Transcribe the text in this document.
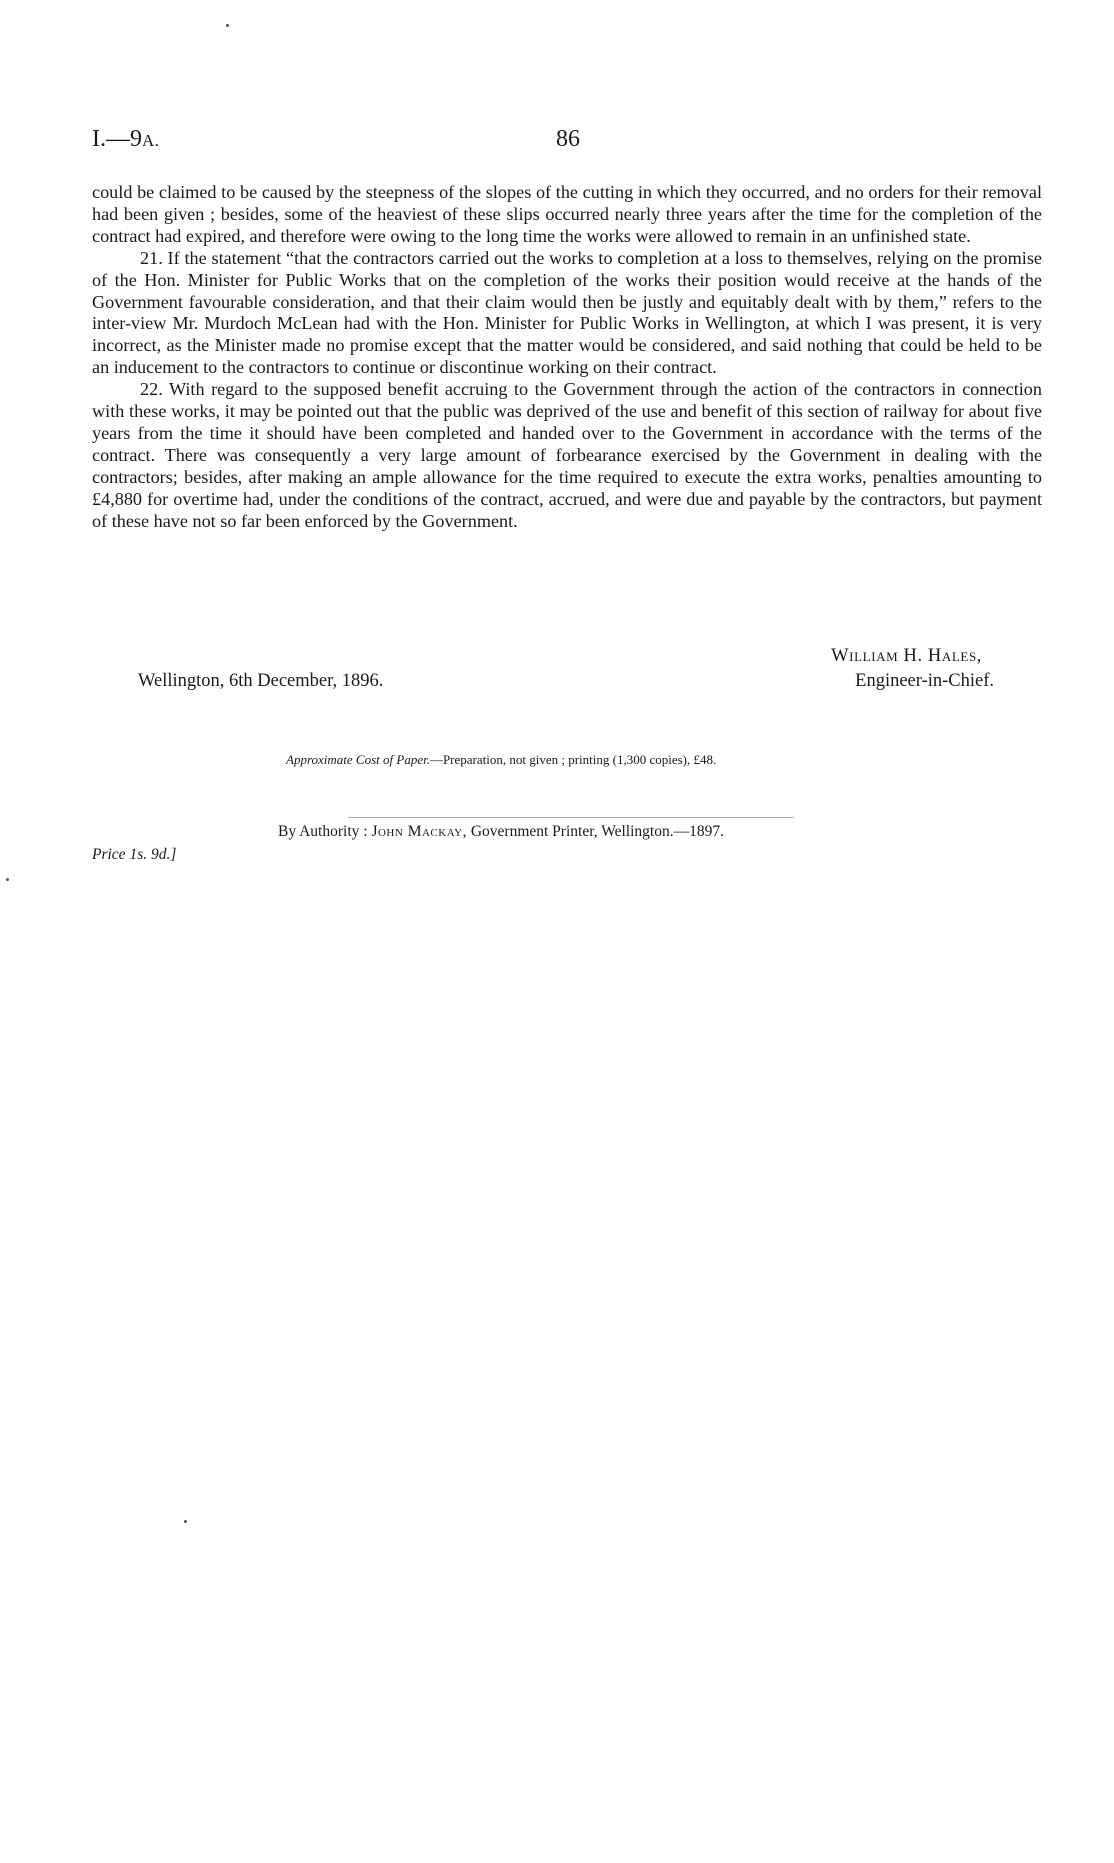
I.—9A.	86

could be claimed to be caused by the steepness of the slopes of the cutting in which they occurred, and no orders for their removal had been given ; besides, some of the heaviest of these slips occurred nearly three years after the time for the completion of the contract had expired, and therefore were owing to the long time the works were allowed to remain in an unfinished state.

21. If the statement “that the contractors carried out the works to completion at a loss to themselves, relying on the promise of the Hon. Minister for Public Works that on the completion of the works their position would receive at the hands of the Government favourable consideration, and that their claim would then be justly and equitably dealt with by them,” refers to the inter-view Mr. Murdoch McLean had with the Hon. Minister for Public Works in Wellington, at which I was present, it is very incorrect, as the Minister made no promise except that the matter would be considered, and said nothing that could be held to be an inducement to the contractors to continue or discontinue working on their contract.

22. With regard to the supposed benefit accruing to the Government through the action of the contractors in connection with these works, it may be pointed out that the public was deprived of the use and benefit of this section of railway for about five years from the time it should have been completed and handed over to the Government in accordance with the terms of the contract. There was consequently a very large amount of forbearance exercised by the Government in dealing with the contractors; besides, after making an ample allowance for the time required to execute the extra works, penalties amounting to £4,880 for overtime had, under the conditions of the contract, accrued, and were due and payable by the contractors, but payment of these have not so far been enforced by the Government.

William H. Hales,
Wellington, 6th December, 1896.	Engineer-in-Chief.
Approximate Cost of Paper.—Preparation, not given ; printing (1,300 copies), £48.
By Authority : John Mackay, Government Printer, Wellington.—1897.
Price 1s. 9d.]
